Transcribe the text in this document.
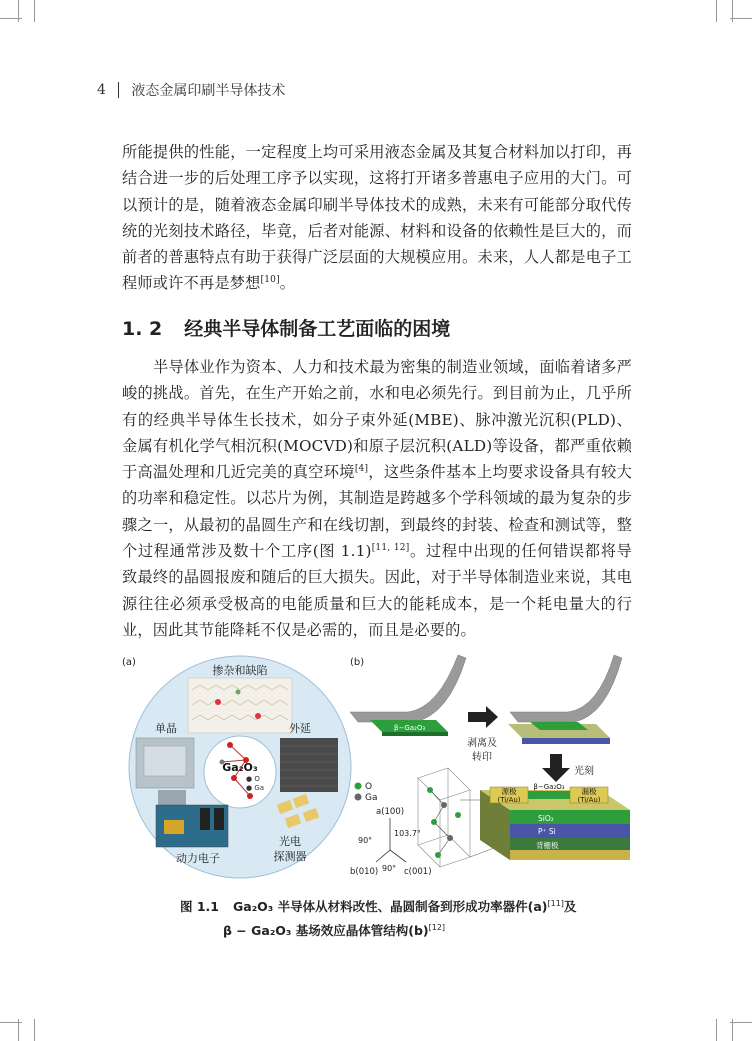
4 液态金属印刷半导体技术

所能提供的性能，一定程度上均可采用液态金属及其复合材料加以打印，再结合进一步的后处理工序予以实现，这将打开诸多普惠电子应用的大门。可以预计的是，随着液态金属印刷半导体技术的成熟，未来有可能部分取代传统的光刻技术路径，毕竟，后者对能源、材料和设备的依赖性是巨大的，而前者的普惠特点有助于获得广泛层面的大规模应用。未来，人人都是电子工程师或许不再是梦想[10]。

1. 2 经典半导体制备工艺面临的困境

半导体业作为资本、人力和技术最为密集的制造业领域，面临着诸多严峻的挑战。首先，在生产开始之前，水和电必须先行。到目前为止，几乎所有的经典半导体生长技术，如分子束外延(MBE)、脉冲激光沉积(PLD)、金属有机化学气相沉积(MOCVD)和原子层沉积(ALD)等设备，都严重依赖于高温处理和几近完美的真空环境[4]，这些条件基本上均要求设备具有较大的功率和稳定性。以芯片为例，其制造是跨越多个学科领域的最为复杂的步骤之一，从最初的晶圆生产和在线切割，到最终的封装、检查和测试等，整个过程通常涉及数十个工序(图 1.1)[11, 12]。过程中出现的任何错误都将导致最终的晶圆报废和随后的巨大损失。因此，对于半导体制造业来说，其电源往往必须承受极高的电能质量和巨大的能耗成本，是一个耗电量大的行业，因此其节能降耗不仅是必需的，而且是必要的。

(a)
掺杂和缺陷
单晶	外延
Ga₂O₃
● O
● Ga
动力电子
光电
探测器
(b)
β−Ga₂O₃
剥离及
转印
光刻
O
Ga
a(100)
b(010)	c(001)
90°
103.7°
90°
源极
(Ti/Au)
漏极
(Ti/Au)
β−Ga₂O₃
SiO₂
P⁺ Si
背栅极
图 1.1 Ga₂O₃ 半导体从材料改性、晶圆制备到形成功率器件(a)[11]及
β − Ga₂O₃ 基场效应晶体管结构(b)[12]
